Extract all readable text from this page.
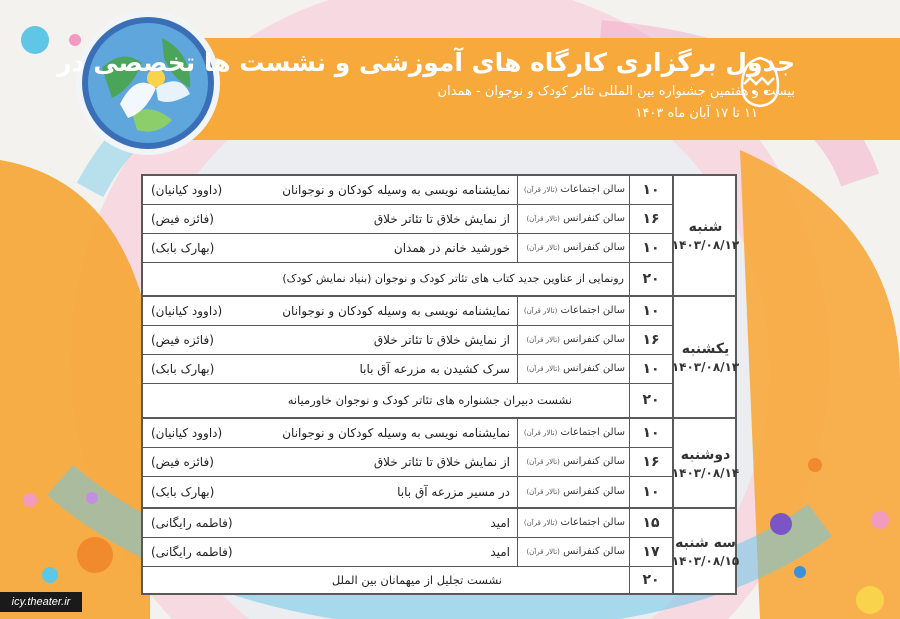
جدول برگزاری کارگاه های آموزشی و نشست ها تخصصی در
بیست و هفتمین جشنواره بین المللی تئاتر کودک و نوجوان - همدان
۱۱ تا ۱۷ آبان ماه ۱۴۰۳
شنبه
۱۴۰۳/۰۸/۱۲
۱۰
سالن اجتماعات (تالار قرآن)
نمایشنامه نویسی به وسیله کودکان و نوجوانان
(داوود کیانیان)
۱۶
سالن کنفرانس (تالار قرآن)
از نمایش خلاق تا تئاتر خلاق
(فائزه فیض)
۱۰
سالن کنفرانس (تالار قرآن)
خورشید خانم در همدان
(بهارک بابک)
۲۰
رونمایی از عناوین جدید کتاب های تئاتر کودک و نوجوان (بنیاد نمایش کودک)
یکشنبه
۱۴۰۳/۰۸/۱۳
۱۰
سالن اجتماعات (تالار قرآن)
نمایشنامه نویسی به وسیله کودکان و نوجوانان
(داوود کیانیان)
۱۶
سالن کنفرانس (تالار قرآن)
از نمایش خلاق تا تئاتر خلاق
(فائزه فیض)
۱۰
سالن کنفرانس (تالار قرآن)
سرک کشیدن به مزرعه آق بابا
(بهارک بابک)
۲۰
نشست دبیران جشنواره های تئاتر کودک و نوجوان خاورمیانه
دوشنبه
۱۴۰۳/۰۸/۱۴
۱۰
سالن اجتماعات (تالار قرآن)
نمایشنامه نویسی به وسیله کودکان و نوجوانان
(داوود کیانیان)
۱۶
سالن کنفرانس (تالار قرآن)
از نمایش خلاق تا تئاتر خلاق
(فائزه فیض)
۱۰
سالن کنفرانس (تالار قرآن)
در مسیر مزرعه آق بابا
(بهارک بابک)
سه شنبه
۱۴۰۳/۰۸/۱۵
۱۵
سالن اجتماعات (تالار قرآن)
امید
(فاطمه رایگانی)
۱۷
سالن کنفرانس (تالار قرآن)
امید
(فاطمه رایگانی)
۲۰
نشست تجلیل از میهمانان بین الملل
icy.theater.ir
